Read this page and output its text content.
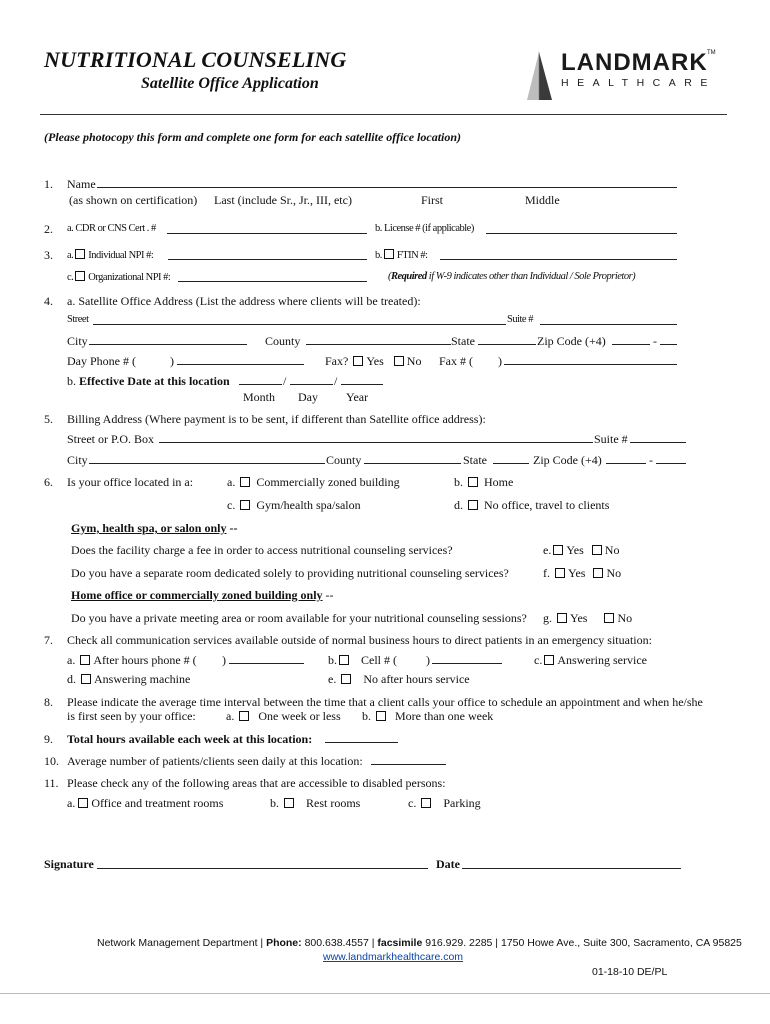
NUTRITIONAL COUNSELING
Satellite Office Application
LANDMARK TM
HEALTHCARE
(Please photocopy this form and complete one form for each satellite office location)
1. Name
(as shown on certification) Last (include Sr., Jr., III, etc)	First	Middle
2. a. CDR or CNS Cert . #	b. License # (if applicable)
3. a. Individual NPI #:	b. FTIN #:
c. Organizational NPI #:	(Required if W-9 indicates other than Individual / Sole Proprietor)
4. a. Satellite Office Address (List the address where clients will be treated):
Street	Suite #
City	County	State	Zip Code (+4)	-
Day Phone # (	)	Fax? Yes No Fax # ( )
b. Effective Date at this location	/	/
Month Day Year
5. Billing Address (Where payment is to be sent, if different than Satellite office address):
Street or P.O. Box	Suite #
City	County	State	Zip Code (+4)	-
6. Is your office located in a:	a. Commercially zoned building	b. Home
c. Gym/health spa/salon	d. No office, travel to clients
Gym, health spa, or salon only --
Does the facility charge a fee in order to access nutritional counseling services?	e. Yes No
Do you have a separate room dedicated solely to providing nutritional counseling services?	f. Yes No
Home office or commercially zoned building only --
Do you have a private meeting area or room available for your nutritional counseling sessions? g. Yes	No
7. Check all communication services available outside of normal business hours to direct patients in an emergency situation:
a. After hours phone # ( )	b. Cell # ( )	c. Answering service
d. Answering machine	e. No after hours service
8. Please indicate the average time interval between the time that a client calls your office to schedule an appointment and when he/she
is first seen by your office:	a. One week or less b. More than one week
9. Total hours available each week at this location:
10. Average number of patients/clients seen daily at this location:
11. Please check any of the following areas that are accessible to disabled persons:
a. Office and treatment rooms	b. Rest rooms	c. Parking
Signature	Date
Network Management Department | Phone: 800.638.4557 | facsimile 916.929. 2285 | 1750 Howe Ave., Suite 300, Sacramento, CA 95825
www.landmarkhealthcare.com
01-18-10 DE/PL
